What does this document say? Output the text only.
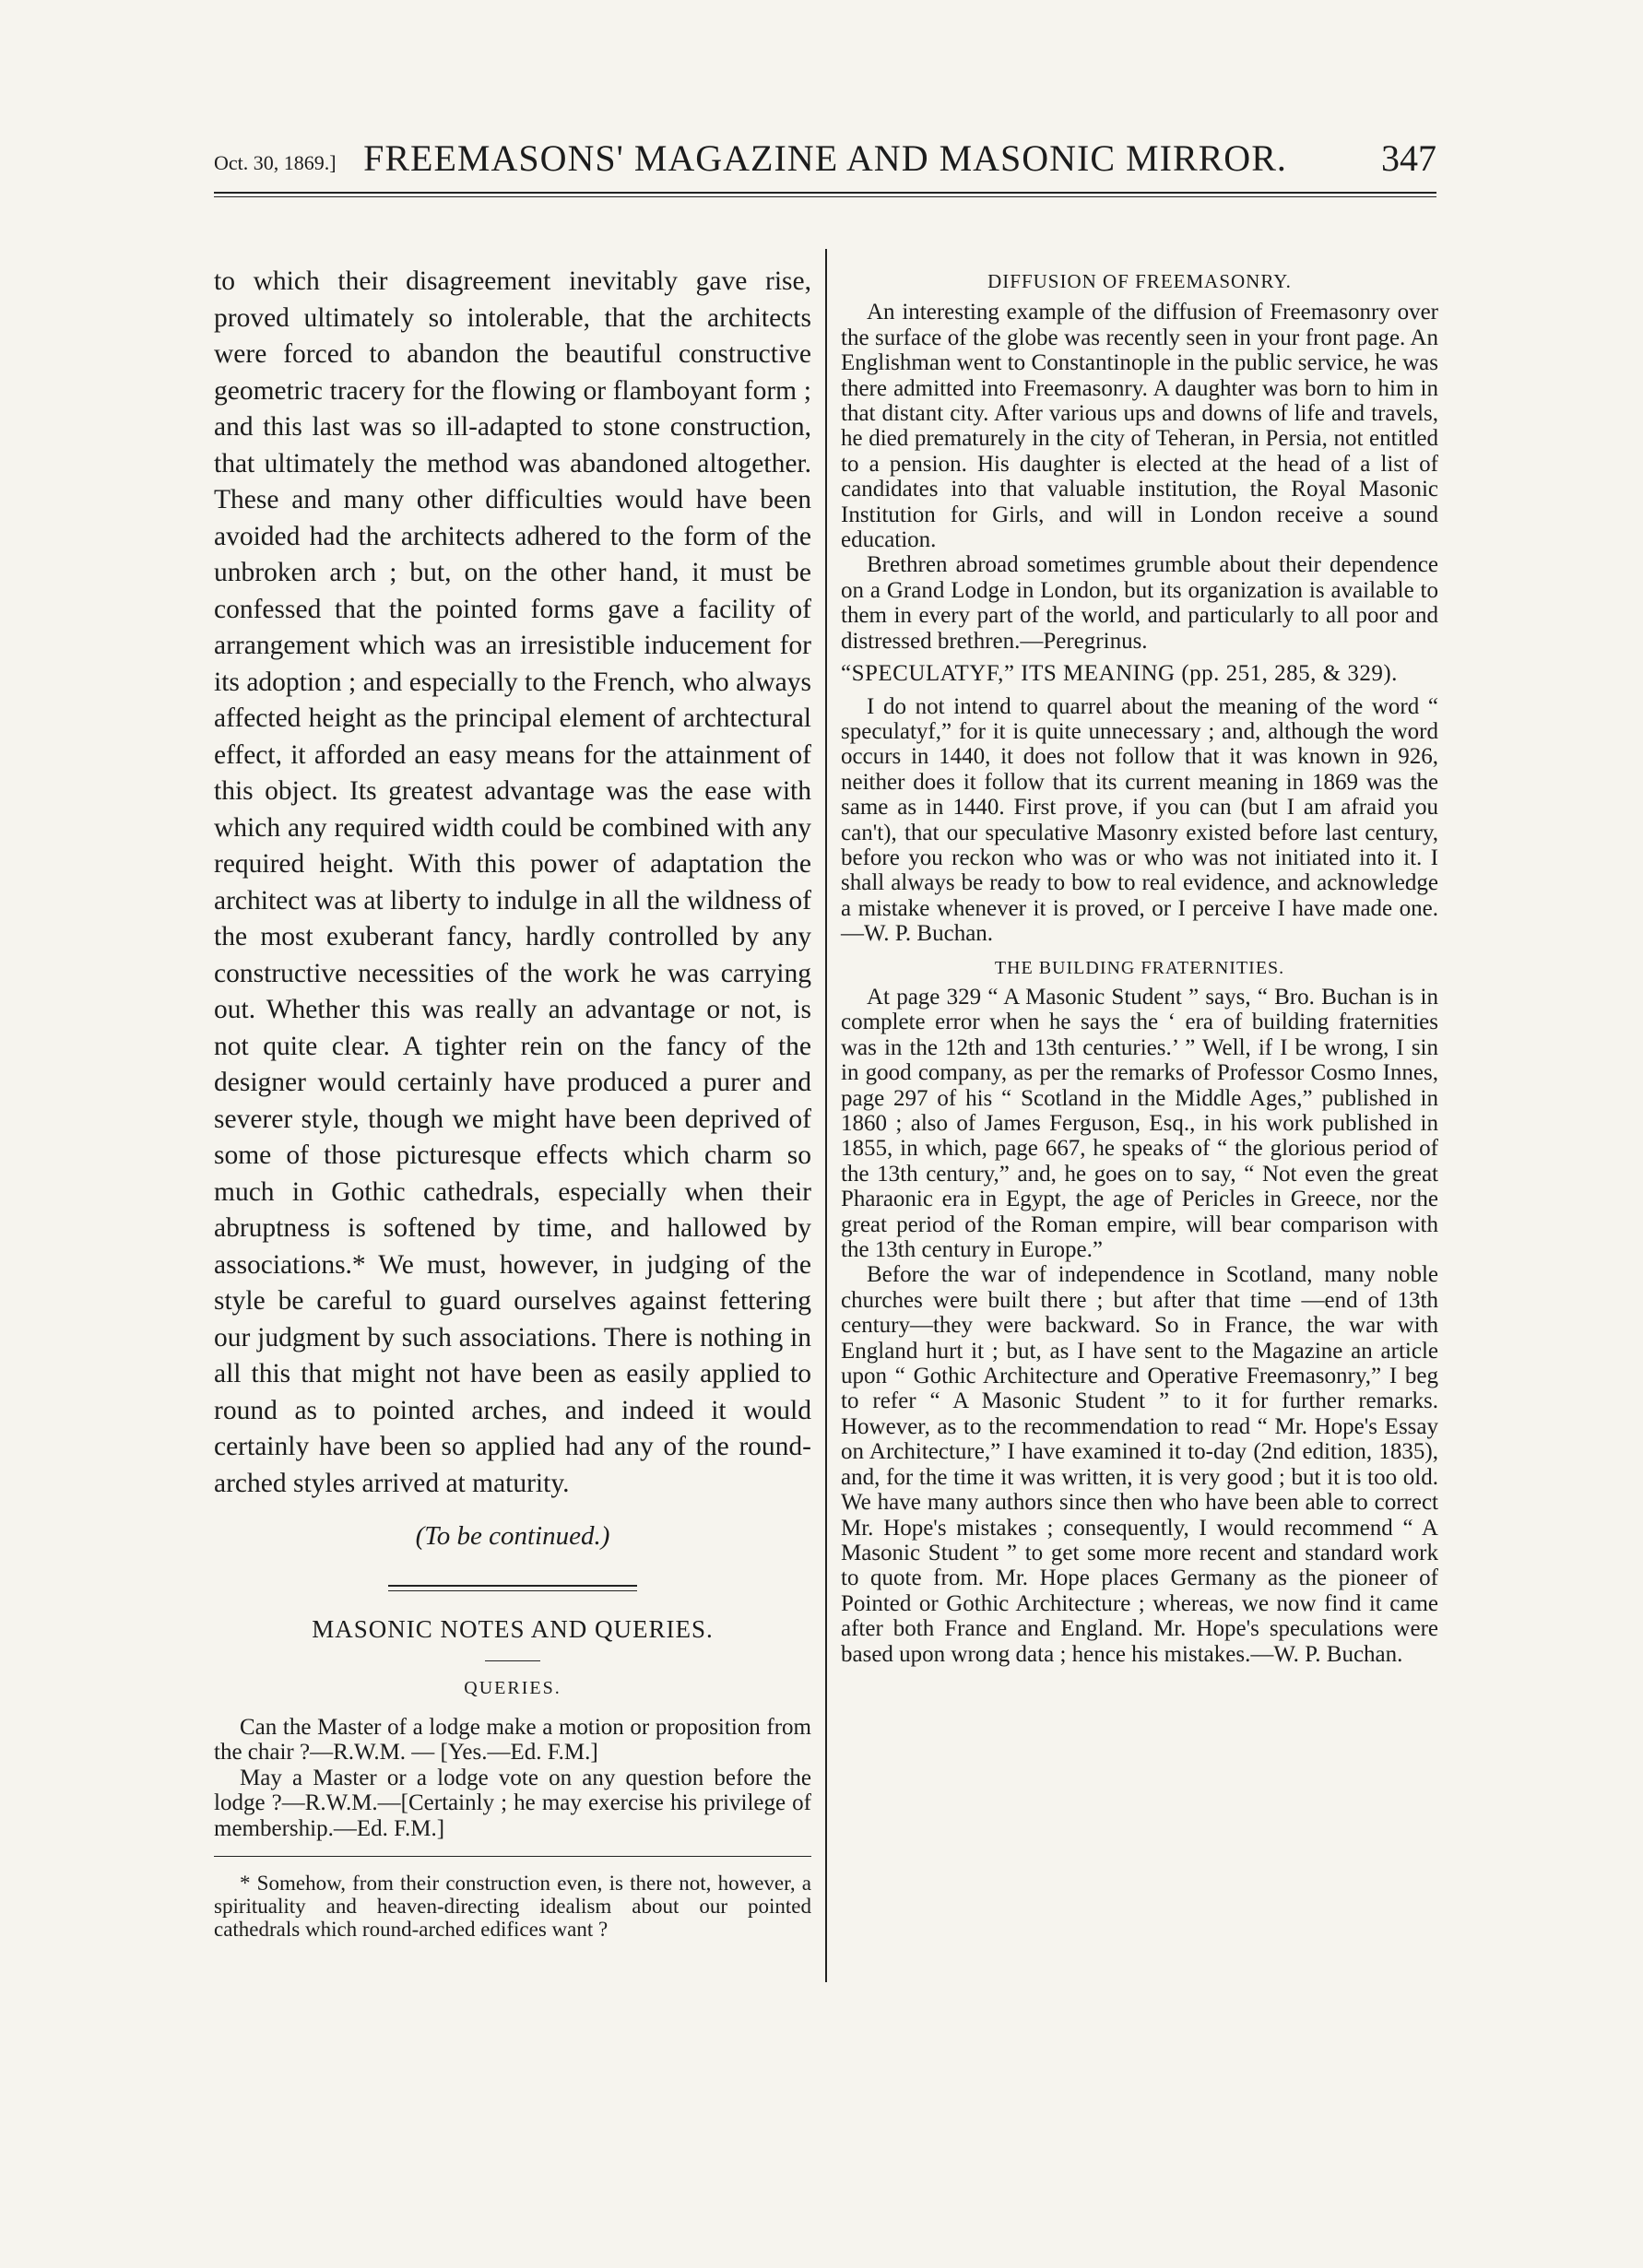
Oct. 30, 1869.] FREEMASONS' MAGAZINE AND MASONIC MIRROR.	347

to which their disagreement inevitably gave rise, proved ultimately so intolerable, that the architects were forced to abandon the beautiful constructive geometric tracery for the flowing or flamboyant form ; and this last was so ill-adapted to stone construction, that ultimately the method was abandoned altogether. These and many other difficulties would have been avoided had the architects adhered to the form of the unbroken arch ; but, on the other hand, it must be confessed that the pointed forms gave a facility of arrangement which was an irresistible inducement for its adoption ; and especially to the French, who always affected height as the principal element of archtectural effect, it afforded an easy means for the attainment of this object. Its greatest advantage was the ease with which any required width could be combined with any required height. With this power of adaptation the architect was at liberty to indulge in all the wildness of the most exuberant fancy, hardly controlled by any constructive necessities of the work he was carrying out. Whether this was really an advantage or not, is not quite clear. A tighter rein on the fancy of the designer would certainly have produced a purer and severer style, though we might have been deprived of some of those picturesque effects which charm so much in Gothic cathedrals, especially when their abruptness is softened by time, and hallowed by associations.* We must, however, in judging of the style be careful to guard ourselves against fettering our judgment by such associations. There is nothing in all this that might not have been as easily applied to round as to pointed arches, and indeed it would certainly have been so applied had any of the round-arched styles arrived at maturity.

(To be continued.)

MASONIC NOTES AND QUERIES.

QUERIES.

Can the Master of a lodge make a motion or proposition from the chair ?—R.W.M. — [Yes.—Ed. F.M.]

May a Master or a lodge vote on any question before the lodge ?—R.W.M.—[Certainly ; he may exercise his privilege of membership.—Ed. F.M.]

* Somehow, from their construction even, is there not, however, a spirituality and heaven-directing idealism about our pointed cathedrals which round-arched edifices want ?

DIFFUSION OF FREEMASONRY.

An interesting example of the diffusion of Freemasonry over the surface of the globe was recently seen in your front page. An Englishman went to Constantinople in the public service, he was there admitted into Freemasonry. A daughter was born to him in that distant city. After various ups and downs of life and travels, he died prematurely in the city of Teheran, in Persia, not entitled to a pension. His daughter is elected at the head of a list of candidates into that valuable institution, the Royal Masonic Institution for Girls, and will in London receive a sound education.

Brethren abroad sometimes grumble about their dependence on a Grand Lodge in London, but its organization is available to them in every part of the world, and particularly to all poor and distressed brethren.—Peregrinus.

“SPECULATYF,” ITS MEANING (pp. 251, 285, & 329).

I do not intend to quarrel about the meaning of the word “ speculatyf,” for it is quite unnecessary ; and, although the word occurs in 1440, it does not follow that it was known in 926, neither does it follow that its current meaning in 1869 was the same as in 1440. First prove, if you can (but I am afraid you can't), that our speculative Masonry existed before last century, before you reckon who was or who was not initiated into it. I shall always be ready to bow to real evidence, and acknowledge a mistake whenever it is proved, or I perceive I have made one.—W. P. Buchan.

THE BUILDING FRATERNITIES.

At page 329 “ A Masonic Student ” says, “ Bro. Buchan is in complete error when he says the ‘ era of building fraternities was in the 12th and 13th centuries.’ ” Well, if I be wrong, I sin in good company, as per the remarks of Professor Cosmo Innes, page 297 of his “ Scotland in the Middle Ages,” published in 1860 ; also of James Ferguson, Esq., in his work published in 1855, in which, page 667, he speaks of “ the glorious period of the 13th century,” and, he goes on to say, “ Not even the great Pharaonic era in Egypt, the age of Pericles in Greece, nor the great period of the Roman empire, will bear comparison with the 13th century in Europe.”

Before the war of independence in Scotland, many noble churches were built there ; but after that time —end of 13th century—they were backward. So in France, the war with England hurt it ; but, as I have sent to the Magazine an article upon “ Gothic Architecture and Operative Freemasonry,” I beg to refer “ A Masonic Student ” to it for further remarks. However, as to the recommendation to read “ Mr. Hope's Essay on Architecture,” I have examined it to-day (2nd edition, 1835), and, for the time it was written, it is very good ; but it is too old. We have many authors since then who have been able to correct Mr. Hope's mistakes ; consequently, I would recommend “ A Masonic Student ” to get some more recent and standard work to quote from. Mr. Hope places Germany as the pioneer of Pointed or Gothic Architecture ; whereas, we now find it came after both France and England. Mr. Hope's speculations were based upon wrong data ; hence his mistakes.—W. P. Buchan.
